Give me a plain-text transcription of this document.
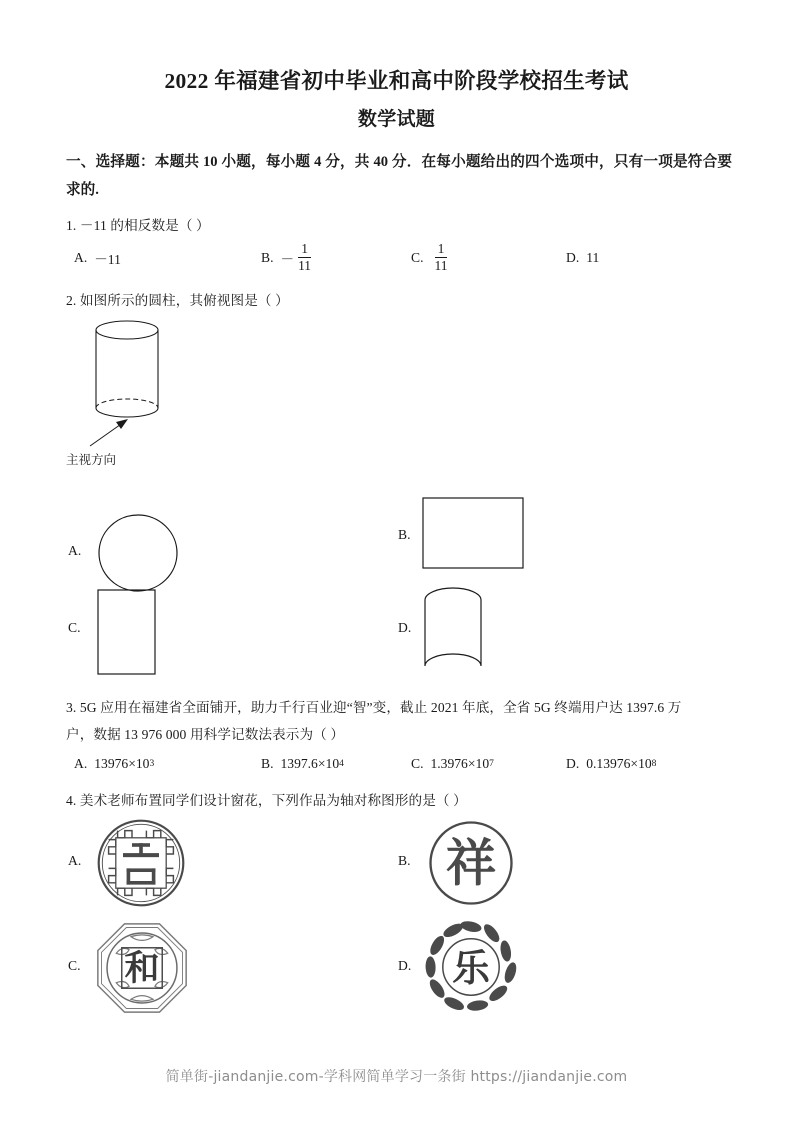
2022 年福建省初中毕业和高中阶段学校招生考试
数学试题
一、选择题：本题共 10 小题，每小题 4 分，共 40 分．在每小题给出的四个选项中，只有一项是符合要求的.
1. －11 的相反数是（ ）
A. －11	B. － $\frac{1}{11}$	C. $\frac{1}{11}$	D. 11
2. 如图所示的圆柱，其俯视图是（ ）
主视方向
A.
B.
C.	D.
3. 5G 应用在福建省全面铺开，助力千行百业迎“智”变，截止 2021 年底，全省 5G 终端用户达 1397.6 万
户，数据 13 976 000 用科学记数法表示为（ ）
A. 13976×10 3	B. 1397.6×10 4	C. 1.3976×10 7	D. 0.13976×10 8
4. 美术老师布置同学们设计窗花，下列作品为轴对称图形的是（ ）
A.	B. 祥
C. 和	D. 乐
简单街-jiandanjie.com-学科网简单学习一条街 https://jiandanjie.com
